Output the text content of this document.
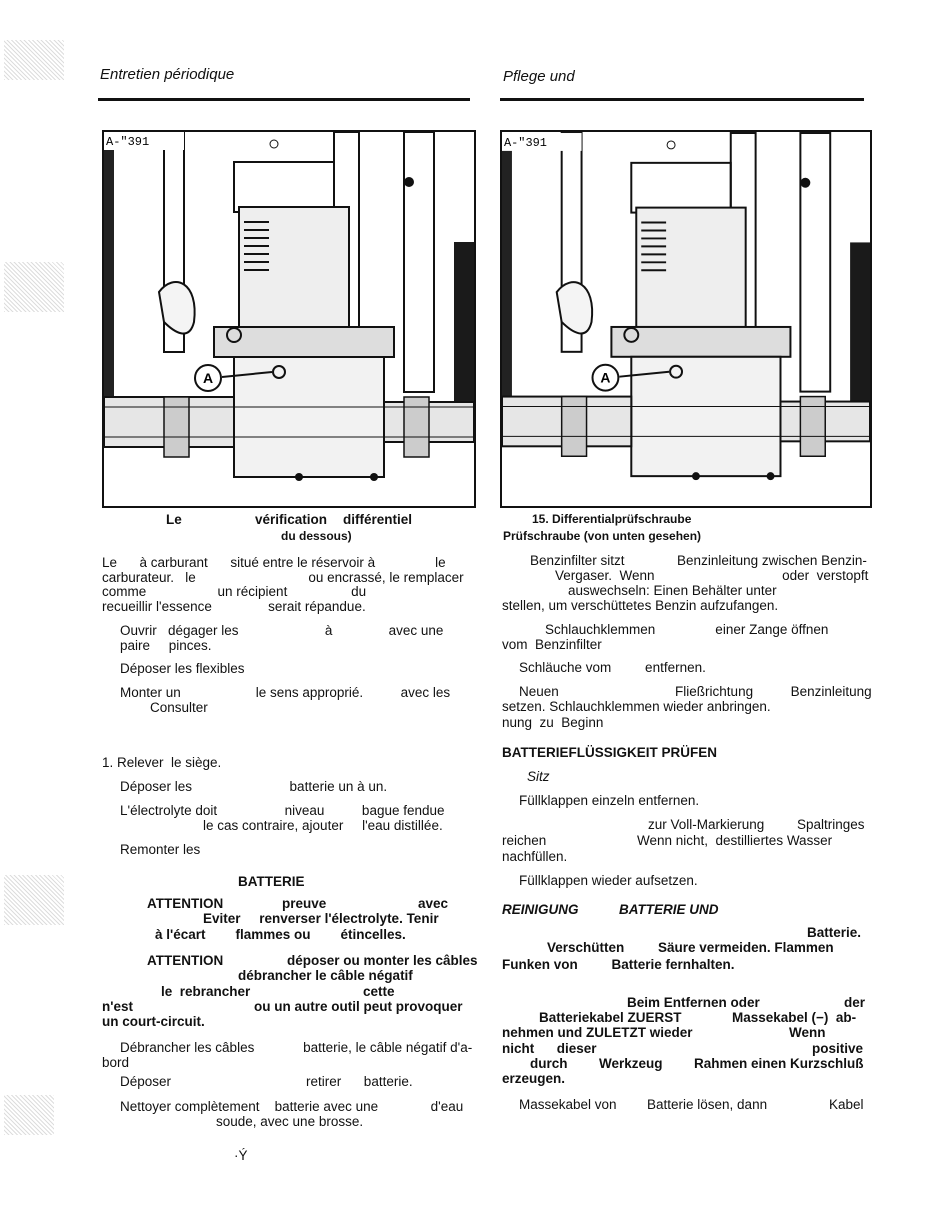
Entretien périodique	Pflege und
A
A-"391
A
A-"391
Le	vérification différentiel
du dessous)
Le      à carburant      situé entre le réservoir à                le
carburateur.   le                              ou encrassé, le remplacer
comme                   un récipient                 du
recueillir l'essence               serait répandue.
Ouvrir   dégager les                       à               avec une
paire     pinces.
Déposer les flexibles
Monter un                    le sens approprié.          avec les
Consulter
1. Relever  le siège.
Déposer les                          batterie un à un.
L'électrolyte doit                  niveau          bague fendue
le cas contraire, ajouter     l'eau distillée.
Remonter les
BATTERIE
ATTENTION	preuve	avec
Eviter     renverser l'électrolyte. Tenir
à l'écart        flammes ou        étincelles.
ATTENTION	déposer ou monter les câbles
débrancher le câble négatif
le  rebrancher	cette
n'est	ou un autre outil peut provoquer
un court-circuit.
Débrancher les câbles             batterie, le câble négatif d'a-
bord
Déposer                                    retirer      batterie.
Nettoyer complètement    batterie avec une              d'eau
soude, avec une brosse.
·Ý
15. Differentialprüfschraube
Prüfschraube (von unten gesehen)
Benzinfilter sitzt              Benzinleitung zwischen Benzin-
Vergaser.  Wenn                                  oder  verstopft
auswechseln: Einen Behälter unter
stellen, um verschüttetes Benzin aufzufangen.
Schlauchklemmen                einer Zange öffnen
vom  Benzinfilter
Schläuche vom         entfernen.
Neuen                               Fließrichtung          Benzinleitung
setzen. Schlauchklemmen wieder anbringen.
nung  zu  Beginn
BATTERIEFLÜSSIGKEIT PRÜFEN
Sitz
Füllklappen einzeln entfernen.
zur Voll-Markierung Spaltringes
reichen	Wenn nicht,  destilliertes Wasser
nachfüllen.
Füllklappen wieder aufsetzen.
REINIGUNG	BATTERIE UND
Batterie.
Verschütten         Säure vermeiden. Flammen
Funken von         Batterie fernhalten.
Beim Entfernen oder	der
Batteriekabel ZUERST	Massekabel (−)  ab-
nehmen und ZULETZT wieder	Wenn
nicht      dieser	positive
durch Werkzeug Rahmen einen Kurzschluß
erzeugen.
Massekabel von Batterie lösen, dann	Kabel
